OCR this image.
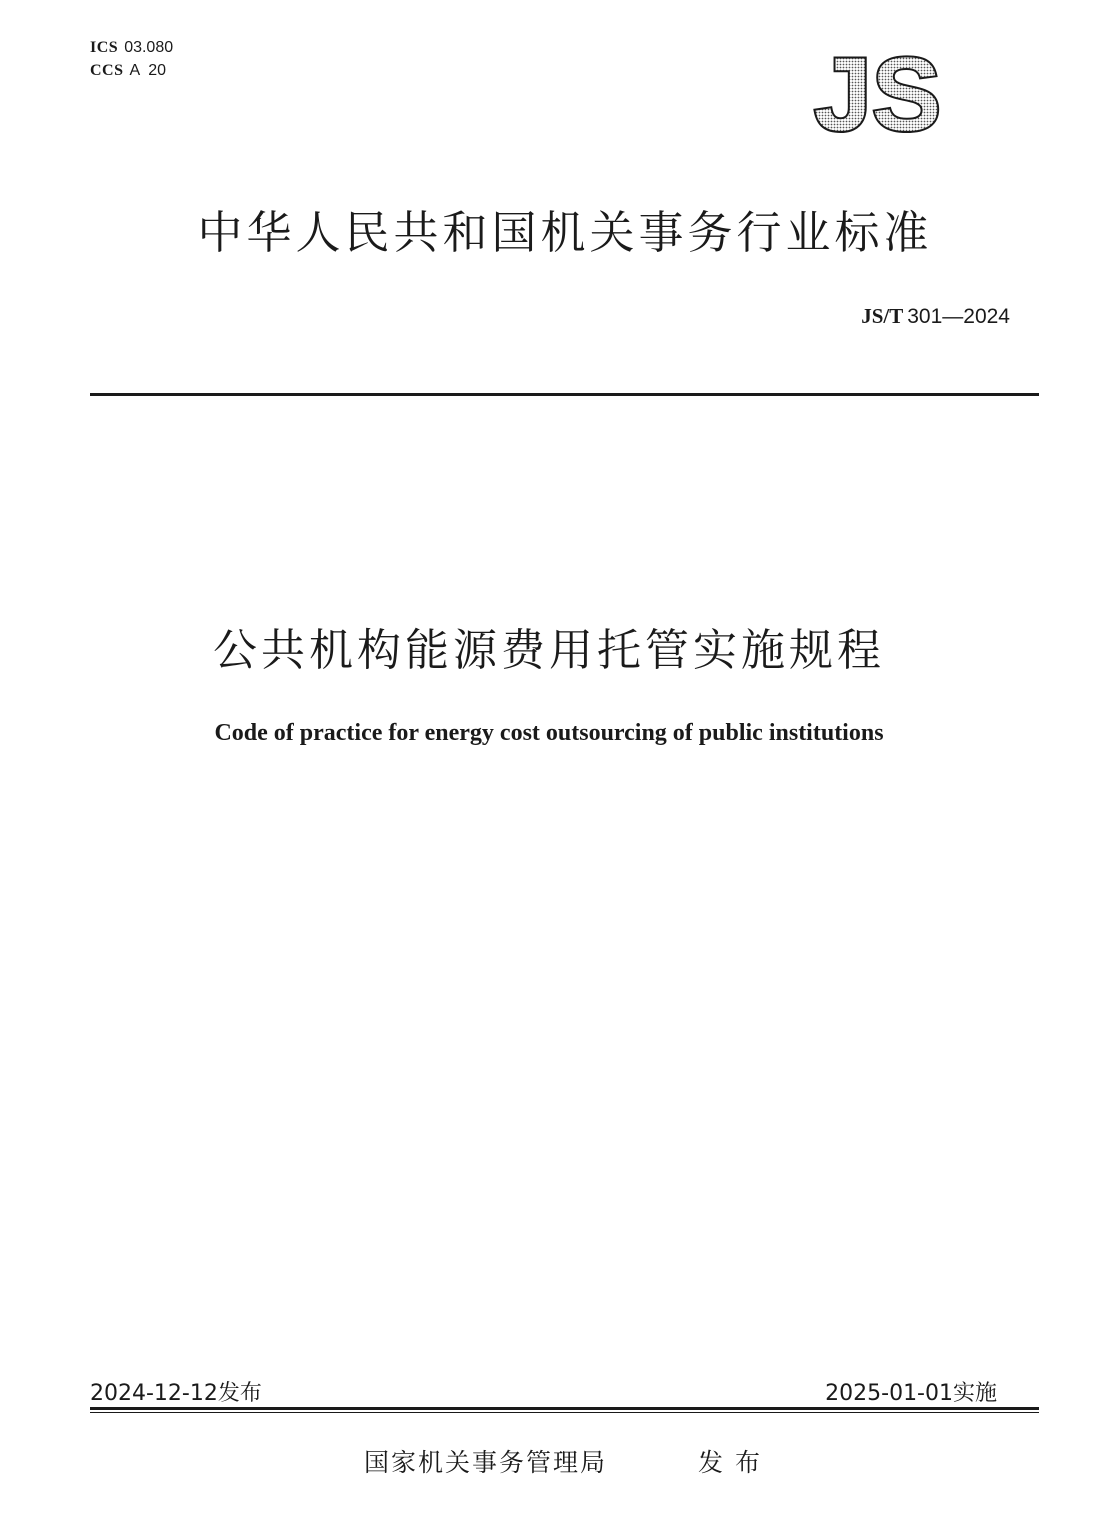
ICS 03.080
CCS A  20	JS
中华人民共和国机关事务行业标准
JS/T 301—2024
公共机构能源费用托管实施规程
Code of practice for energy cost outsourcing of public institutions
2024-12-12发布	2025-01-01实施
国家机关事务管理局	发布
